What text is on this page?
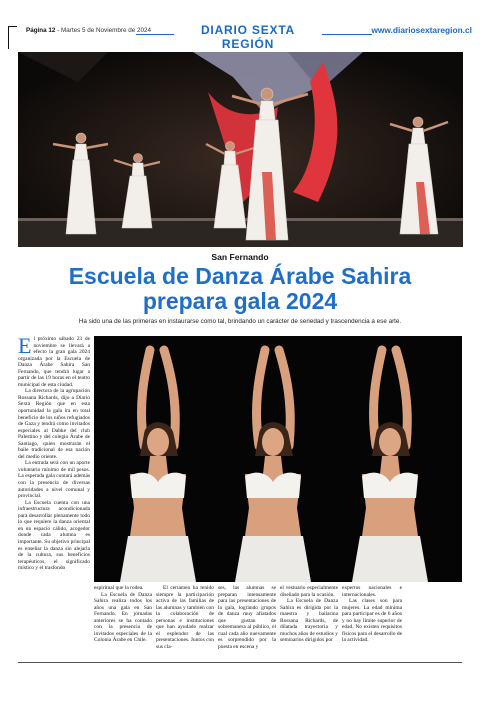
Página 12 - Martes 5 de Noviembre de 2024	DIARIO SEXTA REGIÓN
www.diariosextaregion.cl
San Fernando
Escuela de Danza Árabe Sahira prepara gala 2024
Ha sido una de las primeras en instaurarse como tal, brindando un carácter de seriedad y trascendencia a ese arte.

El próximo sábado 23 de noviembre se llevará a efecto la gran gala 2024 organizada por la Escuela de Danza Árabe Sahira San Fernando, que tendrá lugar a partir de las 19 horas en el teatro municipal de esta ciudad.

La directora de la agrupación Rossana Richards, dijo a Diario Sexta Región que en esta oportunidad la gala ira en total beneficio de los niños refugiados de Gaza y tendrá como invitados especiales al Dabke del club Palestino y del colegio Árabe de Santiago, quien mostrarán el baile tradicional de esa nación del medio oriente.

La entrada será con un aporte voluntario mínimo de mil pesos. La esperada gala contará además con la presencia de diversas autoridades a nivel comunal y provincial.

La Escuela cuenta con una infraestructura acondicionada para desarrollar plenamente todo lo que requiere la danza oriental en un espacio cálido, acogedor donde cada alumna es importante. Su objetivo principal es enseñar la danza sin alejarla de la cultura, sus beneficios terapéuticos, el significado místico y el trasfondo

espiritual que la rodea.

La Escuela de Danza Sahira realiza todos los años una gala en San Fernando. En jornadas anteriores se ha contado con la presencia de invitados especiales de la Colonia Árabe en Chile.

El certamen ha tenido siempre la participación activa de las familias de las alumnas y también con la colaboración de personas e instituciones que han ayudado realzar el esplendor de las presentaciones. Juntos con sus cla-

ses, las alumnas se preparan intensamente para las presentaciones de la gala, logrando grupos de danza muy afiatados que gustan de sobremanera al público, el cual cada año nuevamente es sorprendido por la puesta en escena y

el vestuario especialmente diseñado para la ocasión.

La Escuela de Danza Sahira es dirigida por la maestra y bailarina Rossana Richards, de dilatada trayectoria y muchos años de estudios y seminarios dirigidos por

expertos nacionales e internacionales.

Las clases son para mujeres. La edad mínima para participar es de 6 años y no hay límite superior de edad. No existen requisitos físicos para el desarrollo de la actividad.
